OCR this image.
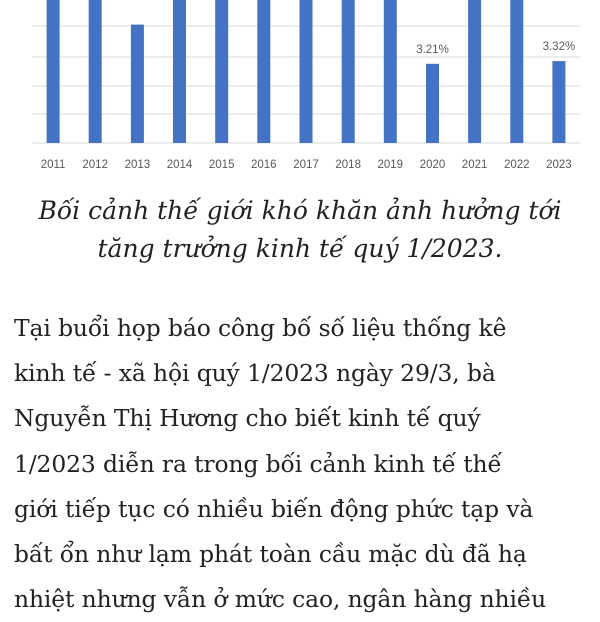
2011 2012 2013 2014 2015 2016 2017 2018 2019 2020
3.21%
2021 2022 2023
3.32%

Bối cảnh thế giới khó khăn ảnh hưởng tới
tăng trưởng kinh tế quý 1/2023.

Tại buổi họp báo công bố số liệu thống kê
kinh tế - xã hội quý 1/2023 ngày 29/3, bà
Nguyễn Thị Hương cho biết kinh tế quý
1/2023 diễn ra trong bối cảnh kinh tế thế
giới tiếp tục có nhiều biến động phức tạp và
bất ổn như lạm phát toàn cầu mặc dù đã hạ
nhiệt nhưng vẫn ở mức cao, ngân hàng nhiều
